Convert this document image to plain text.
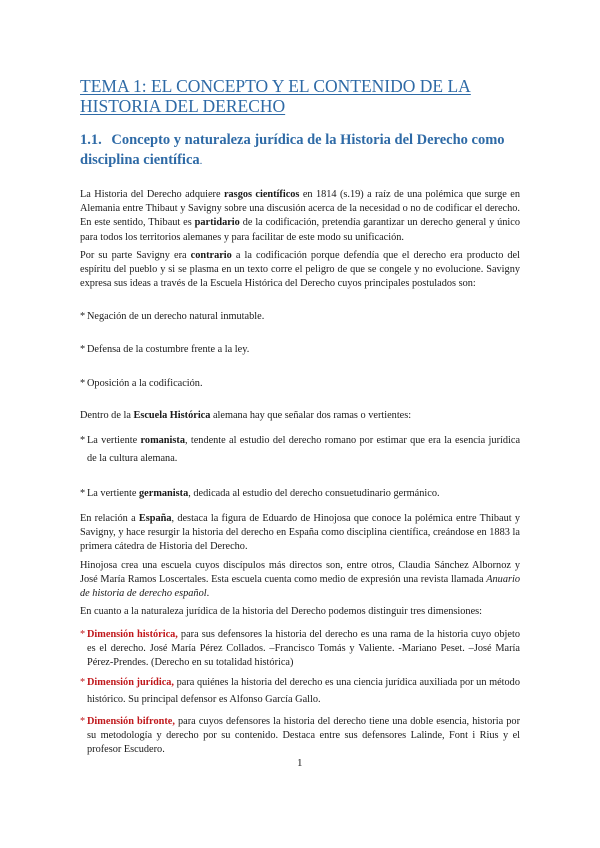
TEMA 1: EL CONCEPTO Y EL CONTENIDO DE LA HISTORIA DEL DERECHO
1.1. Concepto y naturaleza jurídica de la Historia del Derecho como disciplina científica.
La Historia del Derecho adquiere rasgos científicos en 1814 (s.19) a raíz de una polémica que surge en Alemania entre Thibaut y Savigny sobre una discusión acerca de la necesidad o no de codificar el derecho. En este sentido, Thibaut es partidario de la codificación, pretendía garantizar un derecho general y único para todos los territorios alemanes y para facilitar de este modo su unificación.
Por su parte Savigny era contrario a la codificación porque defendía que el derecho era producto del espíritu del pueblo y si se plasma en un texto corre el peligro de que se congele y no evolucione. Savigny expresa sus ideas a través de la Escuela Histórica del Derecho cuyos principales postulados son:
* Negación de un derecho natural inmutable.
* Defensa de la costumbre frente a la ley.
* Oposición a la codificación.
Dentro de la Escuela Histórica alemana hay que señalar dos ramas o vertientes:
* La vertiente romanista, tendente al estudio del derecho romano por estimar que era la esencia jurídica de la cultura alemana.
* La vertiente germanista, dedicada al estudio del derecho consuetudinario germánico.
En relación a España, destaca la figura de Eduardo de Hinojosa que conoce la polémica entre Thibaut y Savigny, y hace resurgir la historia del derecho en España como disciplina científica, creándose en 1883 la primera cátedra de Historia del Derecho.
Hinojosa crea una escuela cuyos discípulos más directos son, entre otros, Claudia Sánchez Albornoz y José María Ramos Loscertales. Esta escuela cuenta como medio de expresión una revista llamada Anuario de historia de derecho español.
En cuanto a la naturaleza jurídica de la historia del Derecho podemos distinguir tres dimensiones:
* Dimensión histórica, para sus defensores la historia del derecho es una rama de la historia cuyo objeto es el derecho. José María Pérez Collados. –Francisco Tomás y Valiente. -Mariano Peset. –José María Pérez-Prendes. (Derecho en su totalidad histórica)
* Dimensión jurídica, para quiénes la historia del derecho es una ciencia jurídica auxiliada por un método histórico. Su principal defensor es Alfonso García Gallo.
* Dimensión bifronte, para cuyos defensores la historia del derecho tiene una doble esencia, historia por su metodología y derecho por su contenido. Destaca entre sus defensores Lalinde, Font i Rius y el profesor Escudero.
1
